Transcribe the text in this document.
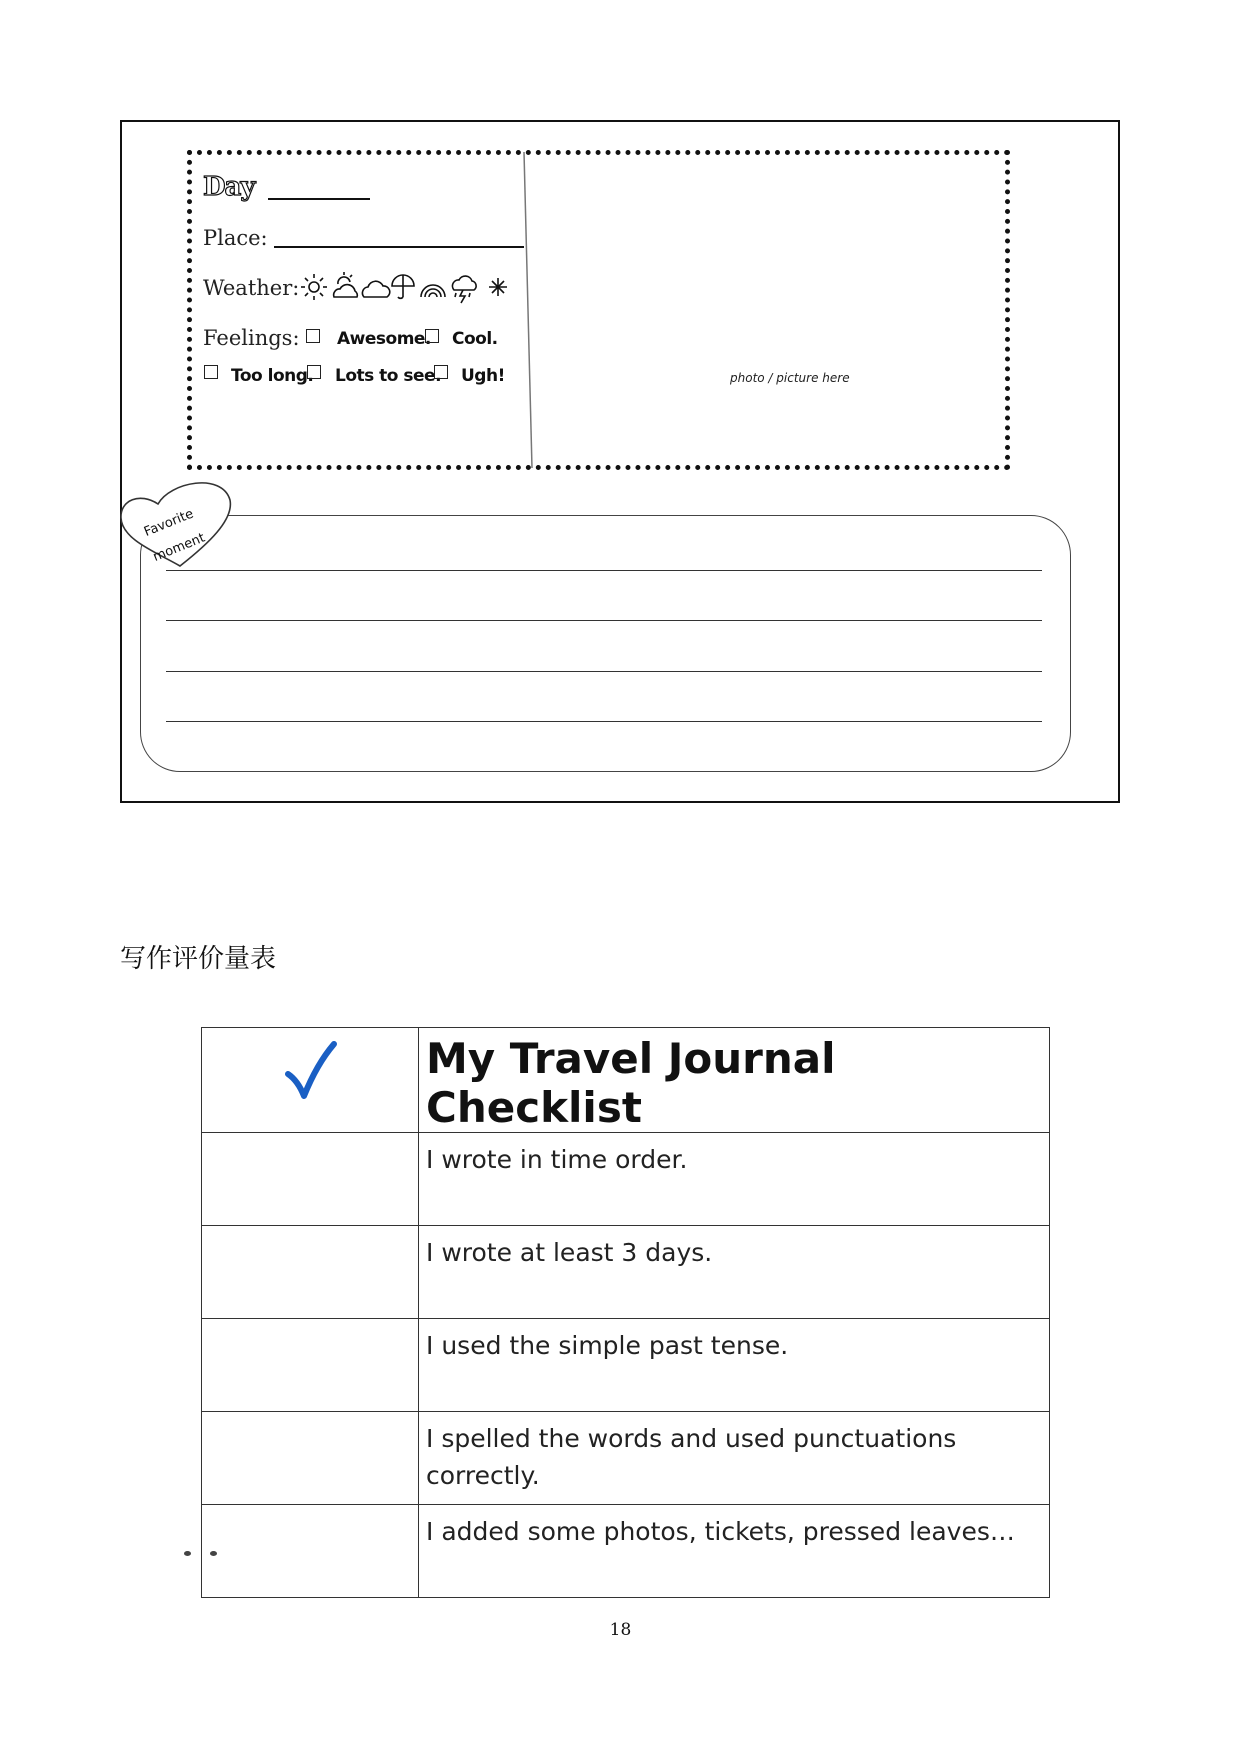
Day
Place:
Weather:
Feelings: Awesome. Cool.
Too long. Lots to see. Ugh!	photo / picture here
Favorite
moment
写作评价量表
	My Travel Journal Checklist
	I wrote in time order.
	I wrote at least 3 days.
	I used the simple past tense.
	I spelled the words and used punctuations correctly.
	I added some photos, tickets, pressed leaves…
18
